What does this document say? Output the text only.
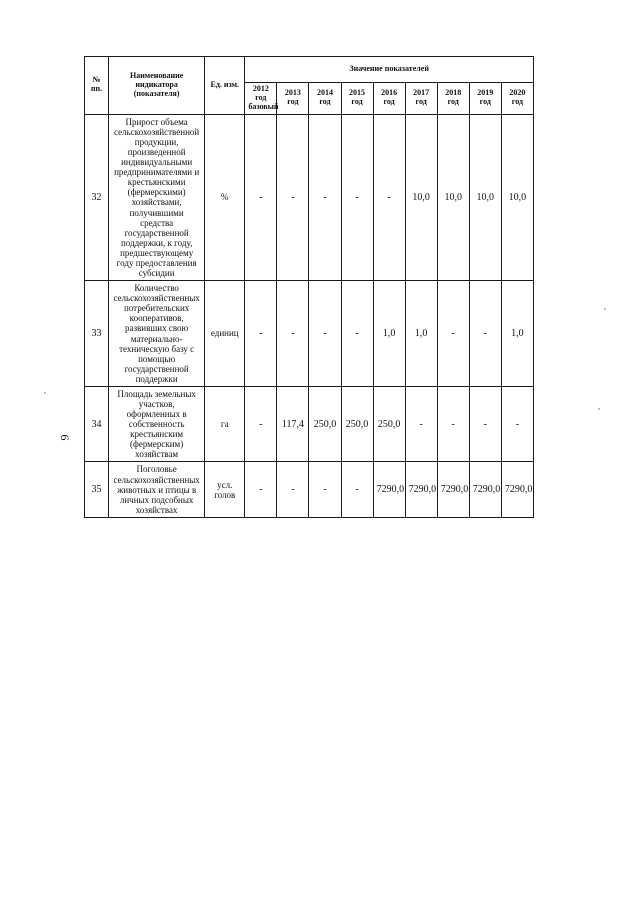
9
№ пп.	Наименование индикатора (показателя)	Ед. изм.	Значение показателей								
			2012 год базовый	2013 год	2014 год	2015 год	2016 год	2017 год	2018 год	2019 год	2020 год
32	Прирост объема сельскохозяйственной продукции, произведенной индивидуальными предпринимателями и крестьянскими (фермерскими) хозяйствами, получившими средства государственной поддержки, к году, предшествующему году предоставления субсидии	%	-	-	-	-	-	10,0	10,0	10,0	10,0
33	Количество сельскохозяйственных потребительских кооперативов, развивших свою материально-техническую базу с помощью государственной поддержки	единиц	-	-	-	-	1,0	1,0	-	-	1,0
34	Площадь земельных участков, оформленных в собственность крестьянским (фермерским) хозяйствам	га	-	117,4	250,0	250,0	250,0	-	-	-	-
35	Поголовье сельскохозяйственных животных и птицы в личных подсобных хозяйствах	усл. голов	-	-	-	-	7290,0	7290,0	7290,0	7290,0	7290,0
